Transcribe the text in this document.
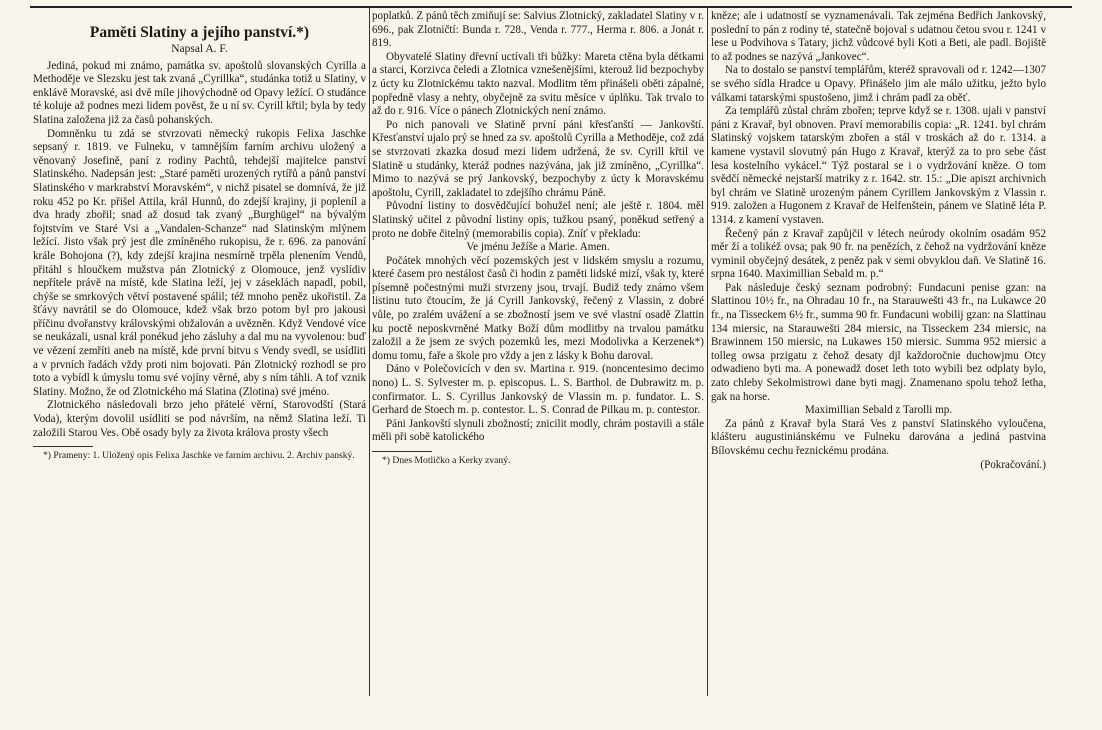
Paměti Slatiny a jejího panství.*)

Napsal A. F.

Jediná, pokud mi známo, památka sv. apoštolů slovanských Cyrilla a Methoděje ve Slezsku jest tak zvaná „Cyrillka“, studánka totiž u Slatiny, v enklávě Moravské, asi dvě míle jihovýchodně od Opavy ležící. O studánce té koluje až podnes mezi lidem pověst, že u ní sv. Cyrill křtil; byla by tedy Slatina založena již za časů pohanských.

Domněnku tu zdá se stvrzovati německý rukopis Felixa Jaschke sepsaný r. 1819. ve Fulneku, v tamnějším farním archivu uložený a věnovaný Josefině, paní z rodiny Pachtů, tehdejší majitelce panství Slatinského. Nadepsán jest: „Staré paměti urozených rytířů a pánů panství Slatinského v markrabství Moravském“, v nichž pisatel se domnívá, že již roku 452 po Kr. přišel Attila, král Hunnů, do zdejší krajiny, ji popleníl a dva hrady zbořil; snad až dosud tak zvaný „Burghügel“ na bývalým fojtstvím ve Staré Vsi a „Vandalen-Schanze“ nad Slatinským mlýnem ležící. Jisto však prý jest dle zmíněného rukopisu, že r. 696. za panování krále Bohojona (?), kdy zdejší krajina nesmírně trpěla plenením Vendů, přitáhl s hloučkem mužstva pán Zlotnický z Olomouce, jenž vyslídiv nepřítele právě na místě, kde Slatina leží, jej v záseklách napadl, pobil, chýše se smrkových větví postavené spálil; též mnoho peněz ukořistil. Za šťávy navrátil se do Olomouce, kdež však brzo potom byl pro jakousi příčinu dvořanstvy královskými obžalován a uvězněn. Když Vendové více se neukázali, usnal král ponékud jeho zásluhy a dal mu na vyvolenou: buď ve vězení zemříti aneb na místě, kde první bitvu s Vendy svedl, se usídliti a v prvních řadách vždy proti nim bojovati. Pán Zlotnický rozhodl se pro toto a vybídl k úmyslu tomu své vojíny věrné, aby s ním táhli. A tof vznik Slatiny. Možno, že od Zlotnického má Slatina (Zlotina) své jméno.

Zlotnického následovali brzo jeho přátelé věrní, Starovodští (Stará Voda), kterým dovolil usídliti se pod návrším, na němž Slatina leží. Ti založili Starou Ves. Obě osady byly za života králova prosty všech

*) Prameny: 1. Uložený opis Felixa Jaschke ve farním archivu. 2. Archiv panský.

poplatků. Z pánů těch zmiňují se: Salvius Zlotnický, zakladatel Slatiny v r. 696., pak Zlotnic̆tí: Bunda r. 728., Venda r. 777., Herma r. 806. a Jonát r. 819.

Obyvatelé Slatiny dřevní uctívali tři bůžky: Mareta ctěna byla dětkami a starci, Korzivca čeledi a Zlotnica vznešenějšími, kterouž lid bezpochyby z úcty ku Zlotnickému takto nazval. Modlitm těm přinášeli oběti zápalné, popředně vlasy a nehty, obyčejně za svitu měsíce v úplňku. Tak trvalo to až do r. 916. Více o pánech Zlotnických není známo.

Po nich panovali ve Slatině první páni křesťanští — Jankovští. Křesťanství ujalo prý se hned za sv. apoštolů Cyrilla a Methoděje, což zdá se stvrzovati zkazka dosud mezi lidem udržená, že sv. Cyrill křtil ve Slatině u studánky, kteráž podnes nazývána, jak již zmíněno, „Cyrillka“. Mimo to nazývá se prý Jankovský, bezpochyby z úcty k Moravskému apoštolu, Cyrill, zakladatel to zdejšího chrámu Páně.

Původní listiny to dosvědčující bohužel není; ale ještě r. 1804. měl Slatinský učitel z původní listiny opis, tužkou psaný, poněkud setřený a proto ne dobře čitelný (memorabilis copia). Zníť v překladu:

Ve jménu Ježíše a Marie. Amen.

Počátek mnohých věcí pozemských jest v lidském smyslu a rozumu, které časem pro nestálost časů či hodin z paměti lidské mizí, však ty, které písemně počestnými muži stvrzeny jsou, trvají. Budiž tedy známo všem listinu tuto čtoucím, že já Cyrill Jankovský, řečený z Vlassin, z dobré vůle, po zralém uvážení a se zbožností jsem ve své vlastní osadě Zlattin ku poctě neposkvrněné Matky Boží dům modlitby na trvalou památku založil a že jsem ze svých pozemků les, mezi Modolivka a Kerzenek*) domu tomu, faře a škole pro vždy a jen z lásky k Bohu daroval.

Dáno v Polečovicích v den sv. Martina r. 919. (noncentesimo decimo nono) L. S. Sylvester m. p. episcopus. L. S. Barthol. de Dubrawitz m. p. confirmator. L. S. Cyrillus Jankovský de Vlassin m. p. fundator. L. S. Gerhard de Stoech m. p. contestor. L. S. Conrad de Pilkau m. p. contestor.

Páni Jankovští slynuli zbožností; znicilit modly, chrám postavili a stále měli při sobě katolického

*) Dnes Motličko a Kerky zvaný.

kněze; ale i udatností se vyznamenávali. Tak zejména Bedřich Jankovský, poslední to pán z rodiny té, statečně bojoval s udatnou četou svou r. 1241 v lese u Podvihova s Tatary, jichž vůdcové byli Koti a Beti, ale padl. Bojiště to až podnes se nazývá „Jankovec“.

Na to dostalo se panství templářům, kteréž spravovali od r. 1242—1307 se svého sídla Hradce u Opavy. Přinášelo jim ale málo užitku, ježto bylo válkami tatarskými spustošeno, jimž i chrám padl za oběť.

Za templářů zůstal chrám zbořen; teprve když se r. 1308. ujali v panství páni z Kravař, byl obnoven. Praví memorabilis copia: „R. 1241. byl chrám Slatinský vojskem tatarským zbořen a stál v troskách až do r. 1314. a kamene vystavil slovutný pán Hugo z Kravař, kterýž za to pro sebe část lesa kostelního vykácel.“ Týž postaral se i o vydržování kněze. O tom svědčí německé nejstarší matriky z r. 1642. str. 15.: „Die apiszt archivnich byl chrám ve Slatině urozeným pánem Cyrillem Jankovským z Vlassin r. 919. založen a Hugonem z Kravař de Helfenštein, pánem ve Slatině léta P. 1314. z kamení vystaven.

Řečený pán z Kravař zapůjčil v létech neúrody okolním osadám 952 měr ží a tolikéž ovsa; pak 90 fr. na penězích, z čehož na vydržování kněze vyminil obyčejný desátek, z peněz pak v semi obvyklou daň. Ve Slatině 16. srpna 1640. Maximillian Sebald m. p.“

Pak následuje český seznam podrobný: Fundacuni penise gzan: na Slattinou 10½ fr., na Ohradau 10 fr., na Starauwešti 43 fr., na Lukawce 20 fr., na Tisseckem 6½ fr., summa 90 fr. Fundacuni wobilij gzan: na Slattinau 134 miersic, na Starauwešti 284 miersic, na Tisseckem 234 miersic, na Brawinnem 150 miersic, na Lukawes 150 miersic. Summa 952 miersic a tolleg owsa przigatu z čehož desaty djl každoročnie duchowjmu Otcy odwadieno byti ma. A ponewadž doset leth toto wybili bez odplaty bylo, zato chleby Sekolmistrowi dane byti magj. Znamenano spolu tehož letha, gak na horse.

Maximillian Sebald z Tarolli mp.

Za pánů z Kravař byla Stará Ves z panství Slatinského vyloučena, klášteru augustiniánskému ve Fulneku darována a jediná pastvina Bílovskému cechu řeznickému prodána.

(Pokračování.)
